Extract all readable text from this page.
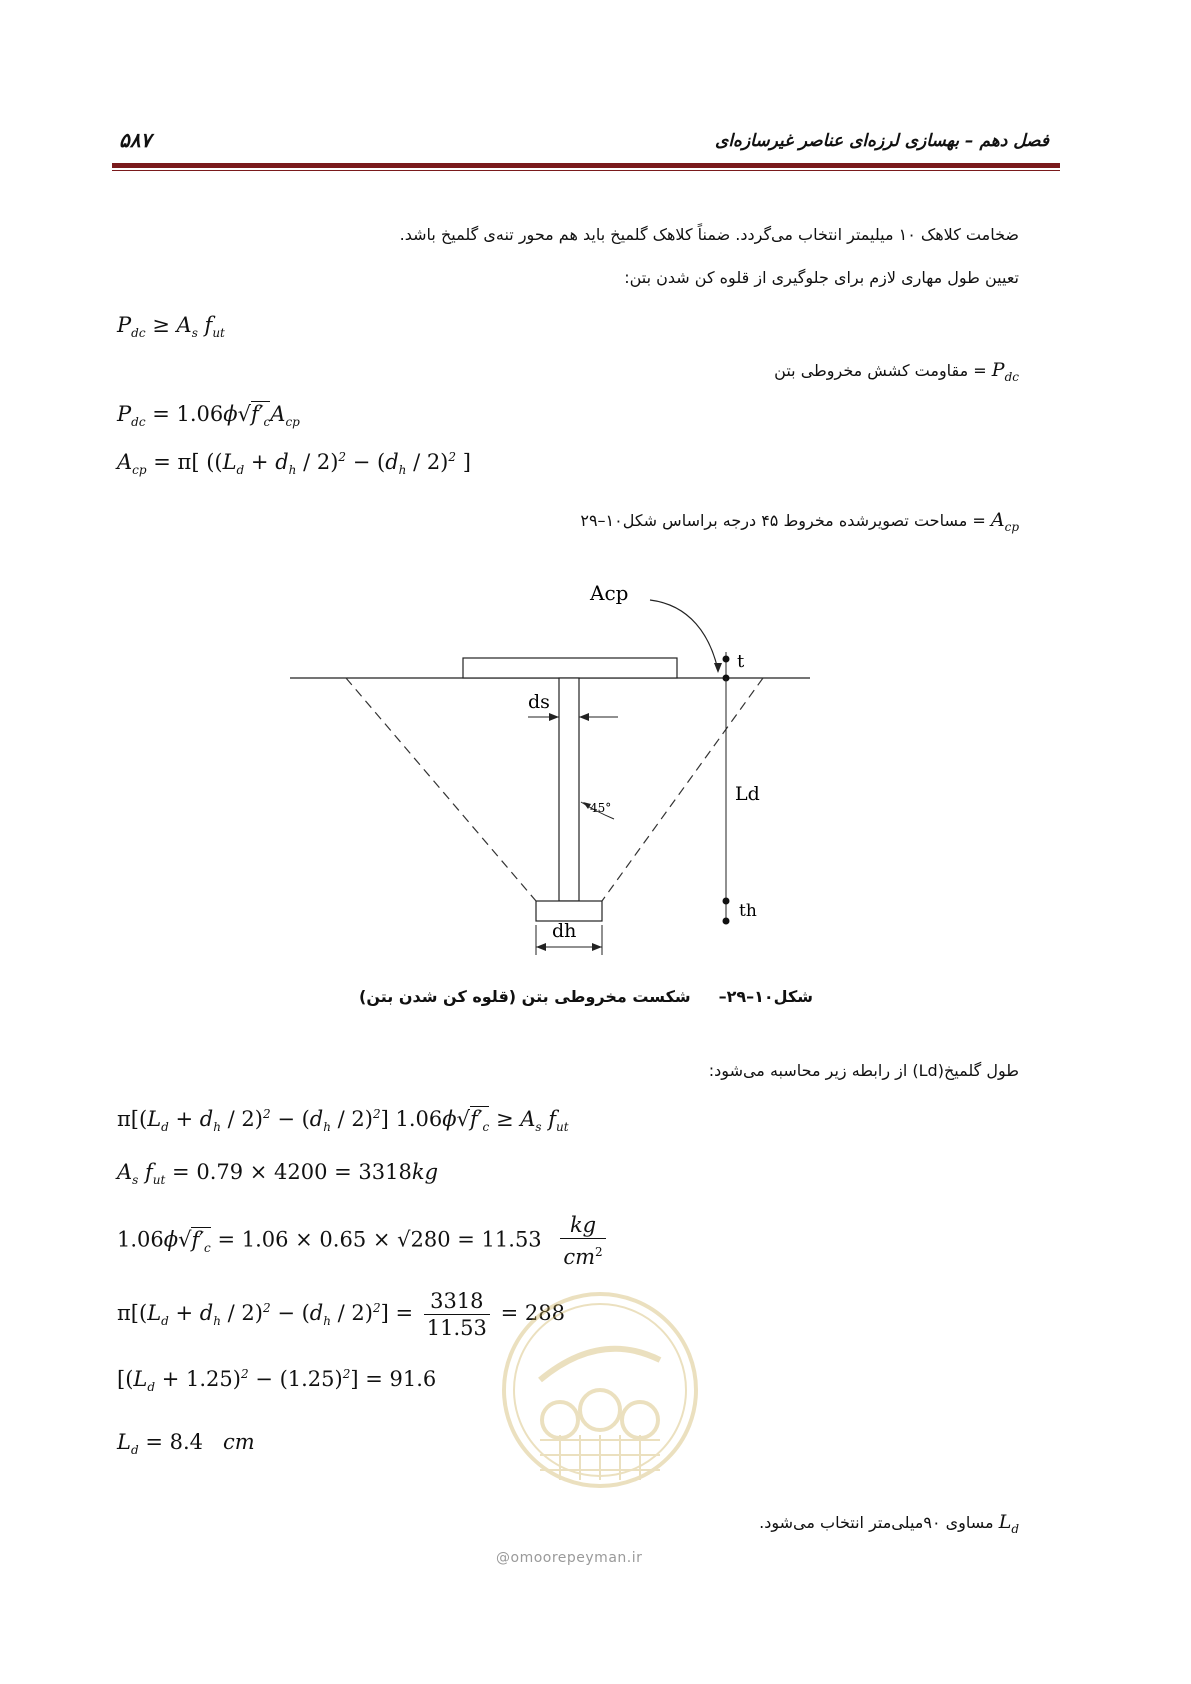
فصل دهم – بهسازی لرزه‌ای عناصر غیرسازه‌ای
۵۸۷
ضخامت کلاهک ۱۰ میلیمتر انتخاب می‌گردد. ضمناً کلاهک گلمیخ باید هم محور تنه‌ی گلمیخ باشد.
تعیین طول مهاری لازم برای جلوگیری از قلوه کن شدن بتن:
$P_{dc} \ge A_s$ $f_{ut}$
$P_{dc}$ = مقاومت کشش مخروطی بتن
$P_{dc} = 1.06\phi√f'_cA_{cp}$
$A_{cp} = \pi$[ ($(L_d + d_h / 2)^2 - (d_h / 2)^2$ ]
$A_{cp}$ = مساحت تصویرشده مخروط ۴۵ درجه براساس شکل۱۰–۲۹
Acp
t
Ld
th
ds
45°
dh
شکل۱۰–۲۹–شکست مخروطی بتن (قلوه کن شدن بتن)
طول گلمیخ(Ld) از رابطه زیر محاسبه می‌شود:
$\pi[(L_d + d_h / 2)^2 - (d_h / 2)^2] 1.06\phi√f'_c \ge A_s$ $f_{ut}$
$A_s$ $f_{ut} = 0.79 \times 4200 = 3318kg$
$1.06\phi√f'_c = 1.06 \times 0.65 \times √280 = 11.53 \frac{kg}{cm^2}$
$\pi[(L_d + d_h / 2)^2 - (d_h / 2)^2] = \frac{3318}{11.53} = 288$
$[(L_d + 1.25)^2 - (1.25)^2] = 91.6$
$L_d = 8.4$ cm
$L_d$ مساوی ۹۰میلی‌متر انتخاب می‌شود.
@omoorepeyman.ir
